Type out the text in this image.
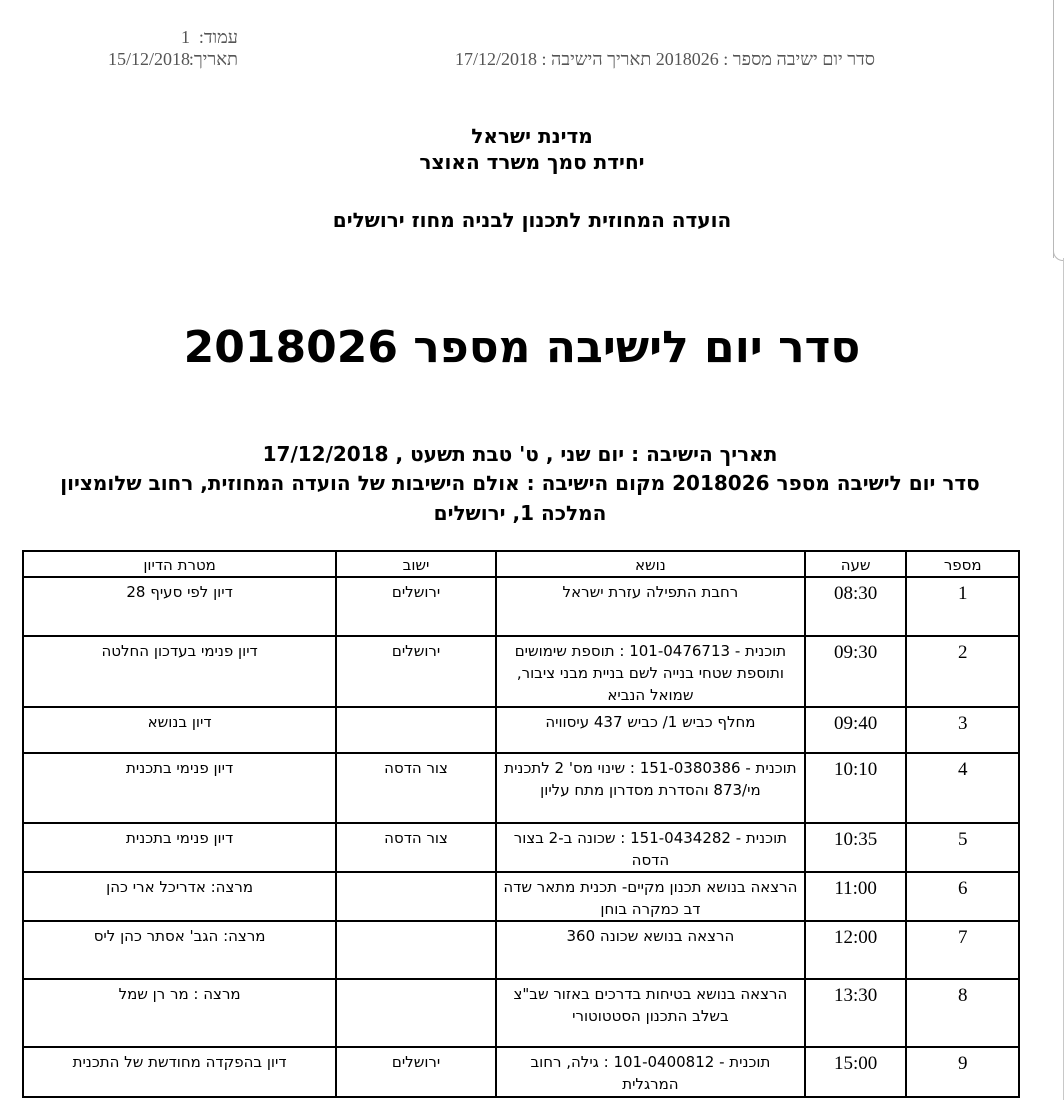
עמוד:
1
תאריך:
15/12/2018	סדר יום ישיבה מספר : 2018026 תאריך הישיבה : 17/12/2018
מדינת ישראל
יחידת סמך משרד האוצר
הועדה המחוזית לתכנון לבניה מחוז ירושלים
סדר יום לישיבה מספר 2018026
תאריך הישיבה : יום שני , ט' טבת תשעט , 17/12/2018
סדר יום לישיבה מספר 2018026 מקום הישיבה : אולם הישיבות של הועדה המחוזית, רחוב שלומציון המלכה 1, ירושלים
מספר	שעה	נושא	ישוב	מטרת הדיון
1	08:30	רחבת התפילה עזרת ישראל	ירושלים	דיון לפי סעיף 28
2	09:30	תוכנית - 101-0476713 : תוספת שימושים ותוספת שטחי בנייה לשם בניית מבני ציבור, שמואל הנביא	ירושלים	דיון פנימי בעדכון החלטה
3	09:40	מחלף כביש 1/ כביש 437 עיסוויה		דיון בנושא
4	10:10	תוכנית - 151-0380386 : שינוי מס' 2 לתכנית מי/873 והסדרת מסדרון מתח עליון	צור הדסה	דיון פנימי בתכנית
5	10:35	תוכנית - 151-0434282 : שכונה ב-2 בצור הדסה	צור הדסה	דיון פנימי בתכנית
6	11:00	הרצאה בנושא תכנון מקיים- תכנית מתאר שדה דב כמקרה בוחן		מרצה: אדריכל ארי כהן
7	12:00	הרצאה בנושא שכונה 360		מרצה: הגב' אסתר כהן ליס
8	13:30	הרצאה בנושא בטיחות בדרכים באזור שב"צ בשלב התכנון הסטטוטורי		מרצה : מר רן שמל
9	15:00	תוכנית - 101-0400812 : גילה, רחוב המרגלית	ירושלים	דיון בהפקדה מחודשת של התכנית
